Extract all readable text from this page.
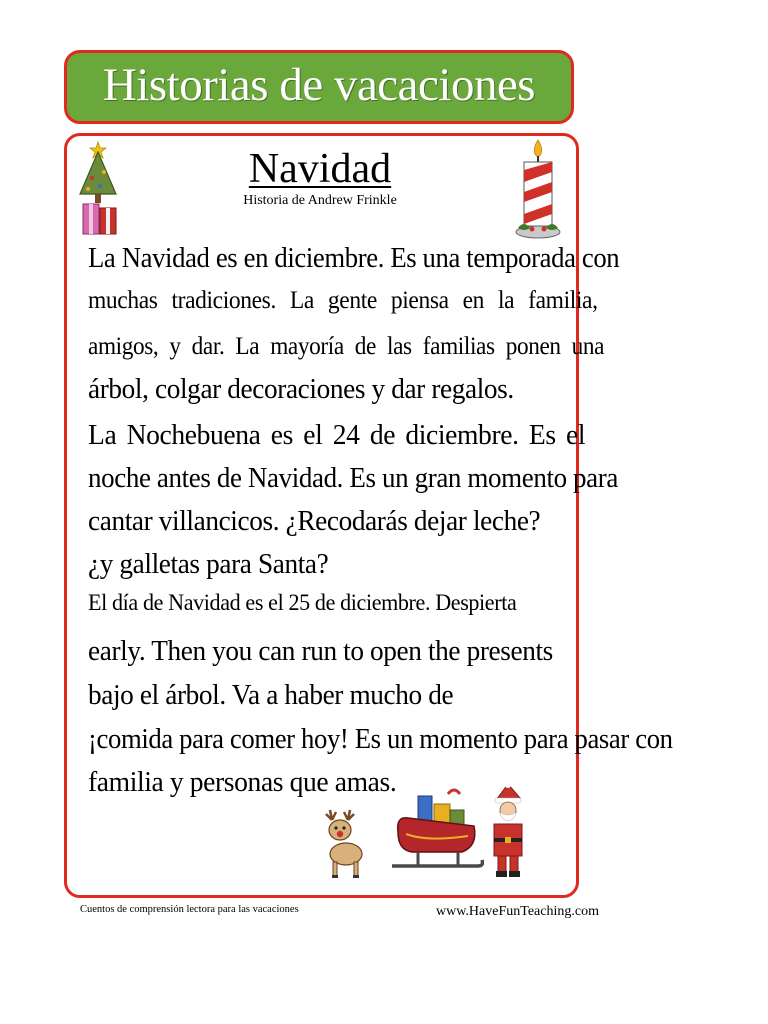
Historias de vacaciones
Navidad
Historia de Andrew Frinkle
La Navidad es en diciembre. Es una temporada con
muchas tradiciones. La gente piensa en la familia,
amigos, y dar. La mayoría de las familias ponen una
árbol, colgar decoraciones y dar regalos.
La Nochebuena es el 24 de diciembre. Es el
noche antes de Navidad. Es un gran momento para
cantar villancicos. ¿Recodarás dejar leche?
¿y galletas para Santa?
El día de Navidad es el 25 de diciembre. Despierta
early. Then you can run to open the presents
bajo el árbol. Va a haber mucho de
¡comida para comer hoy! Es un momento para pasar con
familia y personas que amas.
Cuentos de comprensión lectora para las vacaciones	www.HaveFunTeaching.com
